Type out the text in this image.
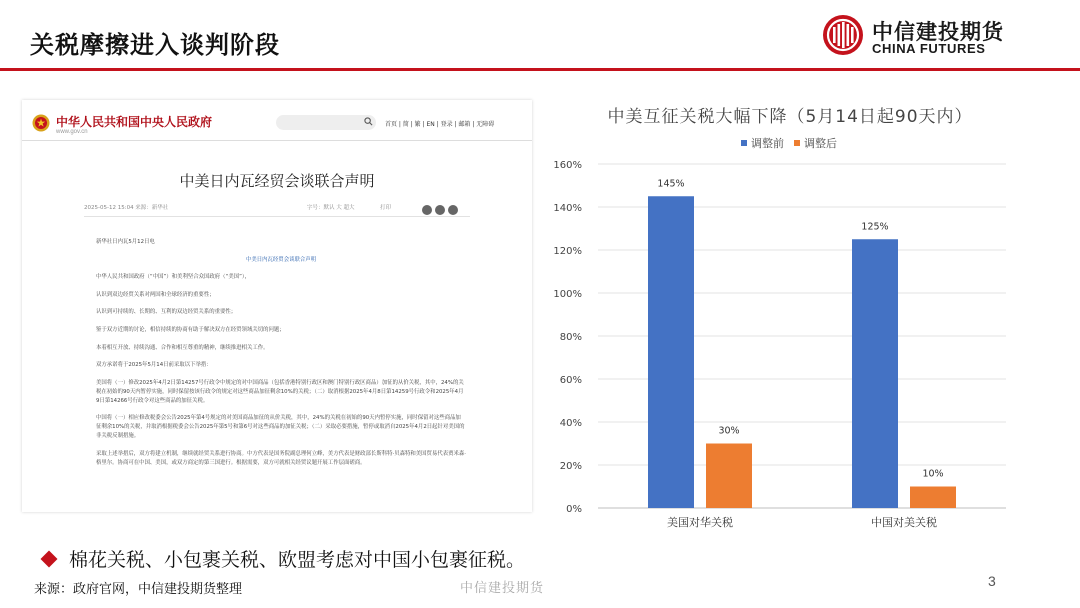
关税摩擦进入谈判阶段	中信建投期货
CHINA FUTURES
中华人民共和国中央人民政府
www.gov.cn
首页 | 简 | 繁 | EN | 登录 | 邮箱 | 无障碍
中美日内瓦经贸会谈联合声明
2025-05-12 15:04 来源：新华社	字号：默认 大 超大	打印

新华社日内瓦5月12日电

中美日内瓦经贸会谈联合声明

中华人民共和国政府（“中国”）和美利坚合众国政府（“美国”），

认识到双边经贸关系对两国和全球经济的重要性；

认识到可持续的、长期的、互利的双边经贸关系的重要性；

鉴于双方近期的讨论，相信持续的协商有助于解决双方在经贸领域关切的问题；

本着相互开放、持续沟通、合作和相互尊重的精神，继续推进相关工作。

双方承诺将于2025年5月14日前采取以下举措：

美国将（一）修改2025年4月2日第14257号行政令中规定的对中国商品（包括香港特别行政区和澳门特别行政区商品）加征的从价关税，其中，24%的关税在初始的90天内暂停实施，同时保留按该行政令的规定对这些商品加征剩余10%的关税；（二）取消根据2025年4月8日第14259号行政令和2025年4月9日第14266号行政令对这些商品的加征关税。

中国将（一）相应修改税委会公告2025年第4号规定的对美国商品加征的从价关税，其中，24%的关税在初始的90天内暂停实施，同时保留对这些商品加征剩余10%的关税，并取消根据税委会公告2025年第5号和第6号对这些商品的加征关税；（二）采取必要措施，暂停或取消自2025年4月2日起针对美国的非关税反制措施。

采取上述举措后，双方将建立机制，继续就经贸关系进行协商。中方代表是国务院副总理何立峰，美方代表是财政部长斯科特·贝森特和美国贸易代表贾米森·格里尔。协商可在中国、美国，或双方商定的第三国进行。根据需要，双方可就相关经贸议题开展工作层面磋商。

中美互征关税大幅下降（5月14日起90天内）
调整前 调整后
0%
20%
40%
60%
80%
100%
120%
140%
160%
145%
30%
美国对华关税
125%
10%
中国对美关税
棉花关税、小包裹关税、欧盟考虑对中国小包裹征税。
来源：政府官网，中信建投期货整理	中信建投期货	3
